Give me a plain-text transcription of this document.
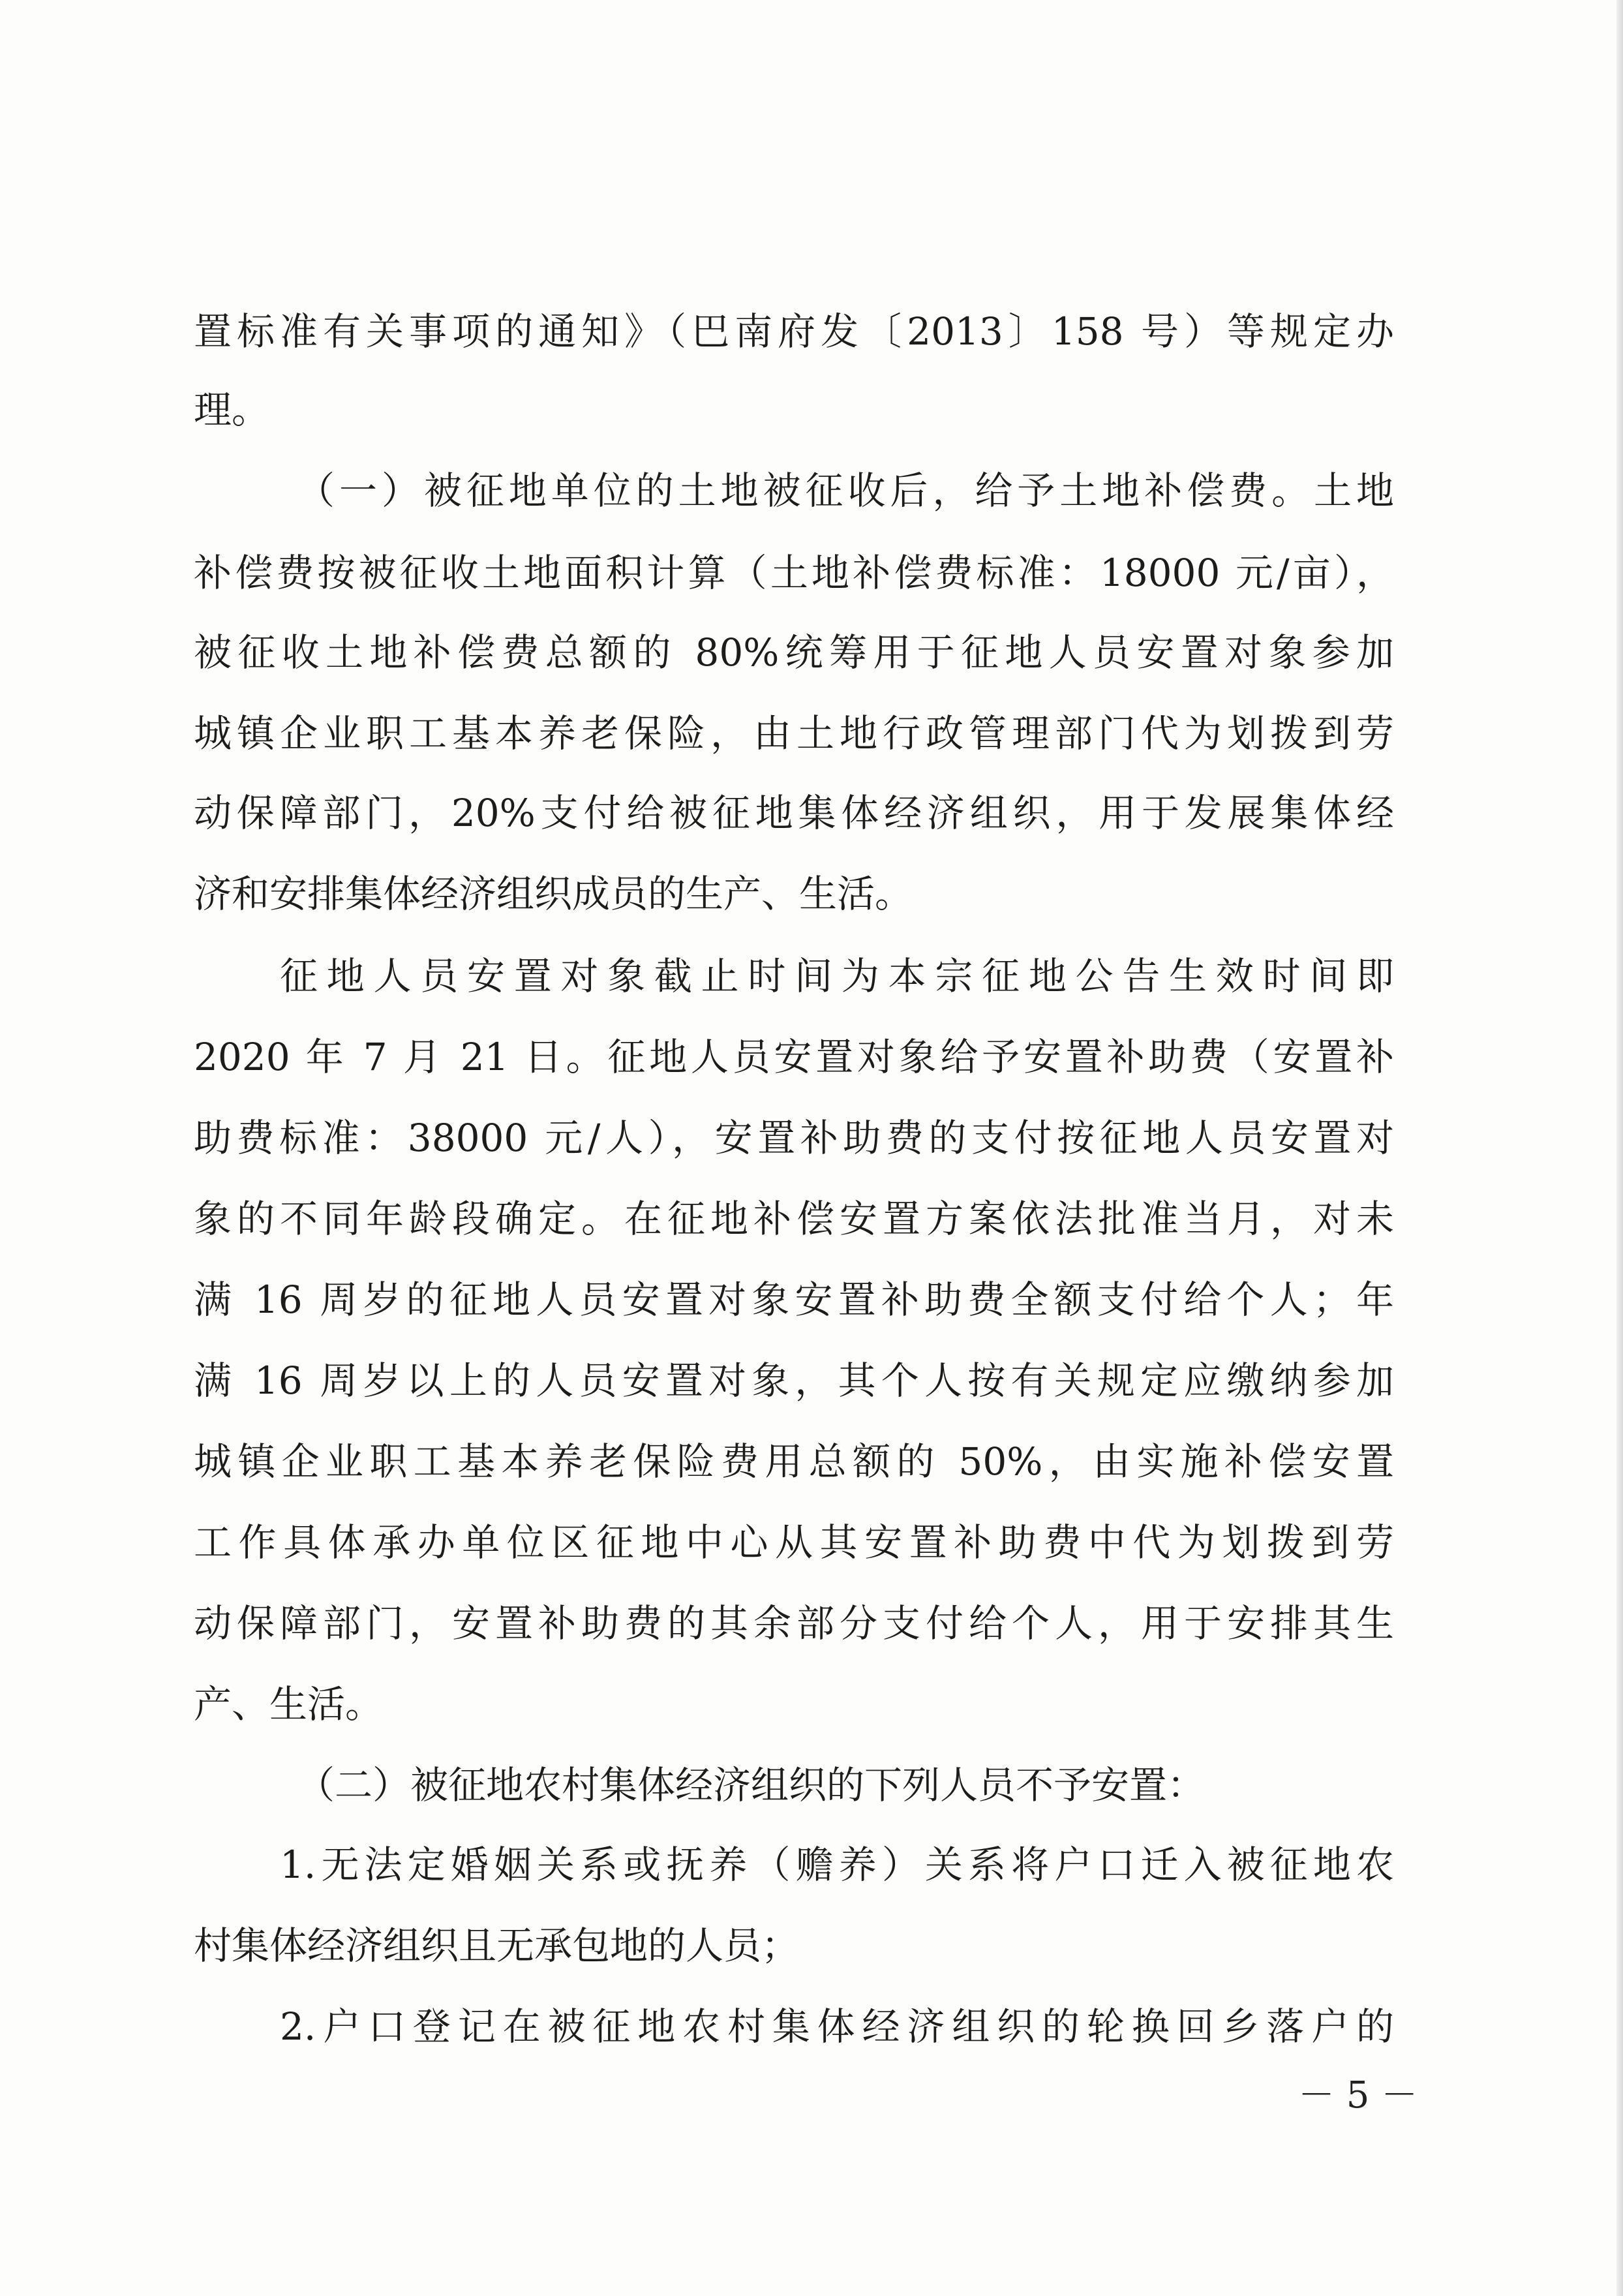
置标准有关事项的通知》（巴南府发〔2013〕158 号）等规定办
理。
（一）被征地单位的土地被征收后，给予土地补偿费。土地
补偿费按被征收土地面积计算（土地补偿费标准：18000 元/亩），
被征收土地补偿费总额的 80%统筹用于征地人员安置对象参加
城镇企业职工基本养老保险，由土地行政管理部门代为划拨到劳
动保障部门，20%支付给被征地集体经济组织，用于发展集体经
济和安排集体经济组织成员的生产、生活。
征地人员安置对象截止时间为本宗征地公告生效时间即
2020 年 7 月 21 日。征地人员安置对象给予安置补助费（安置补
助费标准：38000 元/人），安置补助费的支付按征地人员安置对
象的不同年龄段确定。在征地补偿安置方案依法批准当月，对未
满 16 周岁的征地人员安置对象安置补助费全额支付给个人；年
满 16 周岁以上的人员安置对象，其个人按有关规定应缴纳参加
城镇企业职工基本养老保险费用总额的 50%，由实施补偿安置
工作具体承办单位区征地中心从其安置补助费中代为划拨到劳
动保障部门，安置补助费的其余部分支付给个人，用于安排其生
产、生活。
（二）被征地农村集体经济组织的下列人员不予安置：
1.无法定婚姻关系或抚养（赡养）关系将户口迁入被征地农
村集体经济组织且无承包地的人员；
2.户口登记在被征地农村集体经济组织的轮换回乡落户的
－ 5 －
